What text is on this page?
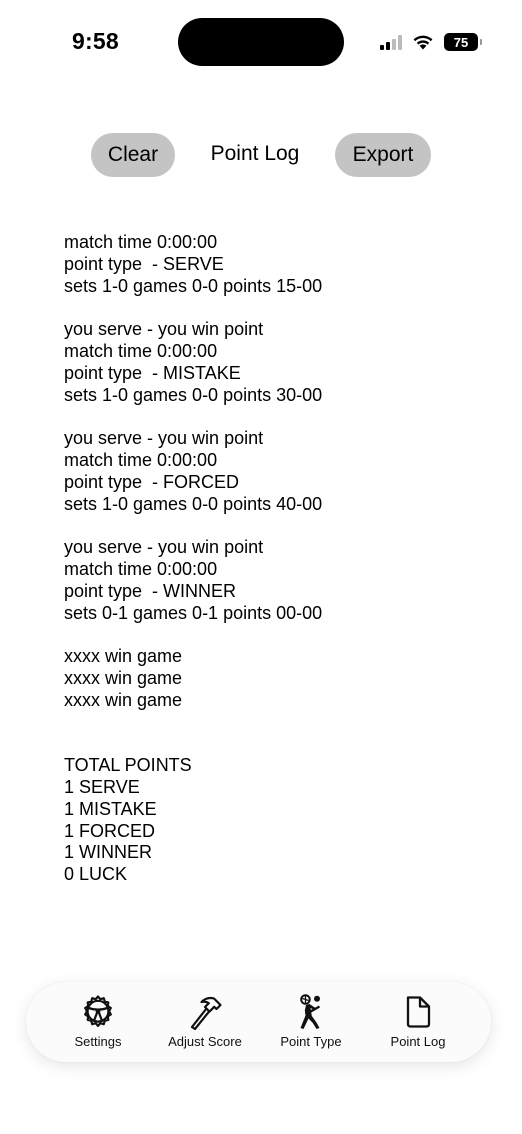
9:58	75
Clear	Point Log	Export
match time 0:00:00
point type  - SERVE
sets 1-0 games 0-0 points 15-00
you serve - you win point
match time 0:00:00
point type  - MISTAKE
sets 1-0 games 0-0 points 30-00
you serve - you win point
match time 0:00:00
point type  - FORCED
sets 1-0 games 0-0 points 40-00
you serve - you win point
match time 0:00:00
point type  - WINNER
sets 0-1 games 0-1 points 00-00
xxxx win game
xxxx win game
xxxx win game
TOTAL POINTS
1 SERVE
1 MISTAKE
1 FORCED
1 WINNER
0 LUCK
Settings	Adjust Score	Point Type	Point Log
